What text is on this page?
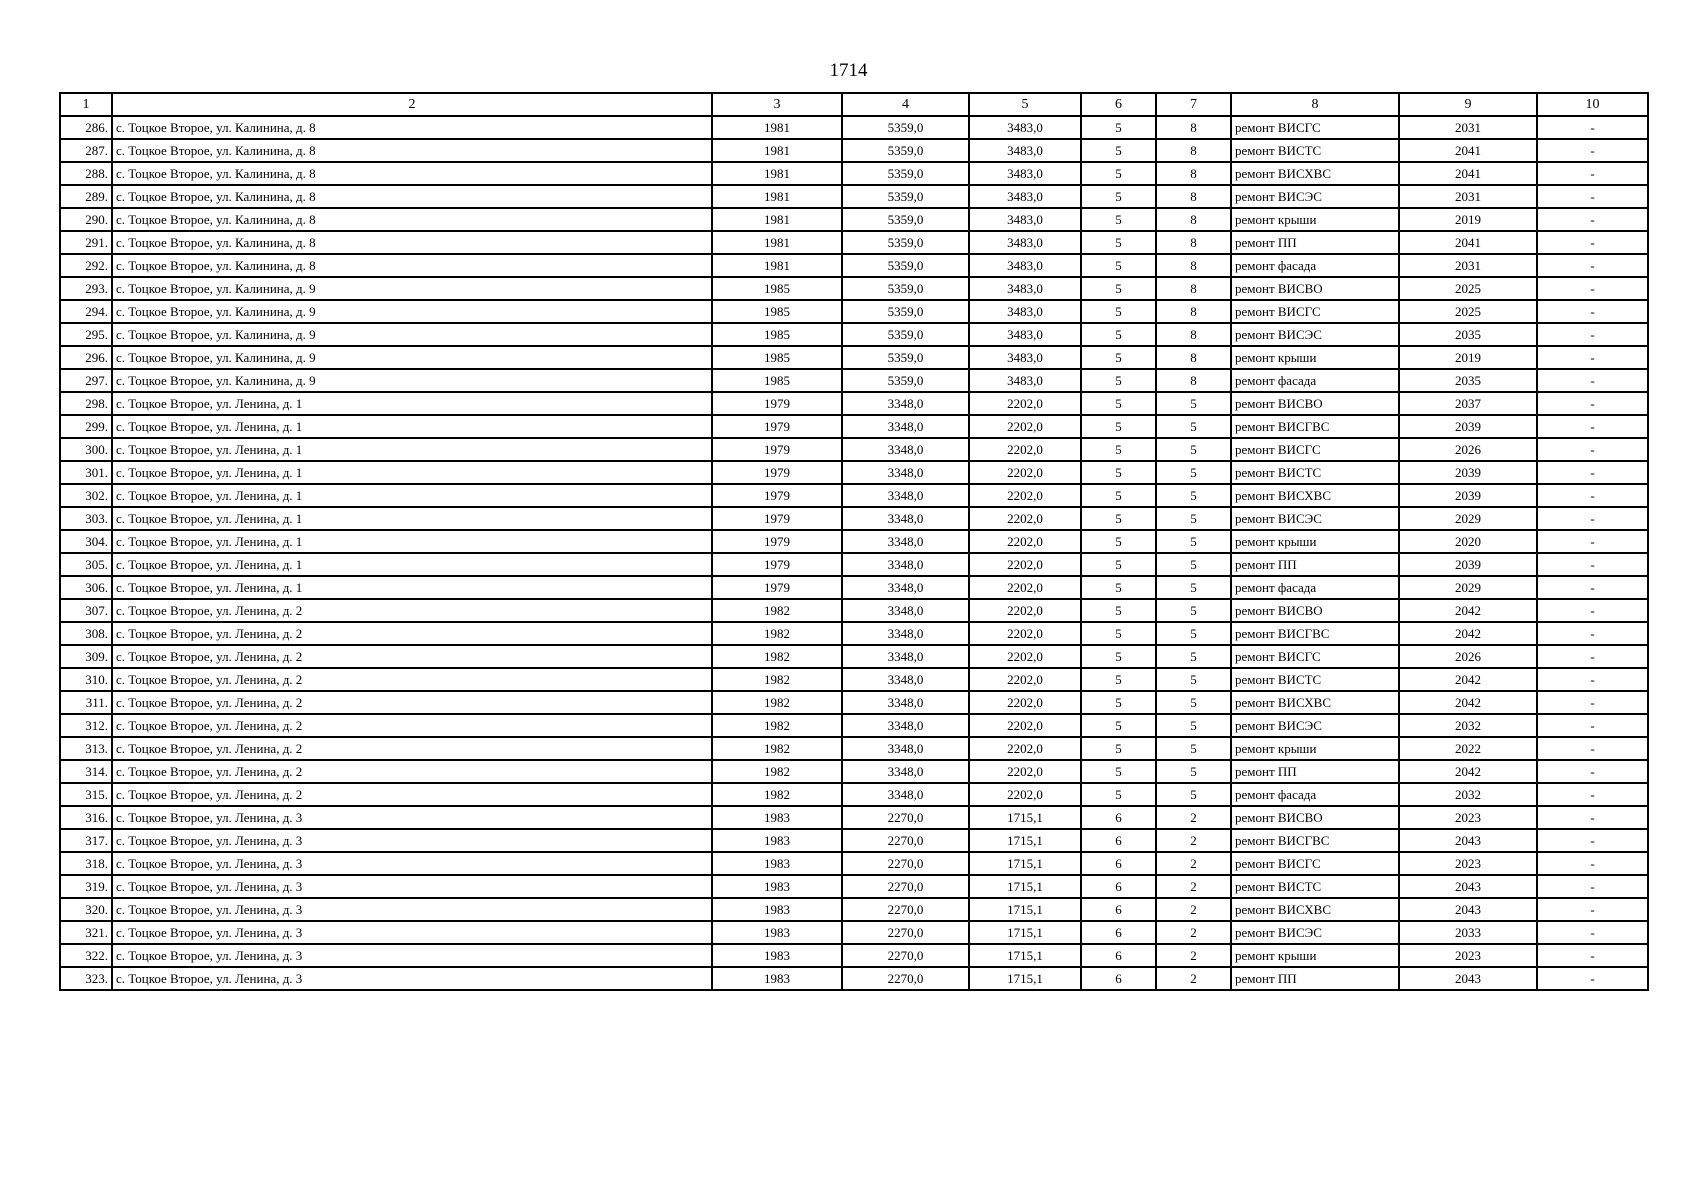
1714
1	2	3	4	5	6	7	8	9	10
286.	с. Тоцкое Второе, ул. Калинина, д. 8	1981	5359,0	3483,0	5	8	ремонт ВИСГС	2031	-
287.	с. Тоцкое Второе, ул. Калинина, д. 8	1981	5359,0	3483,0	5	8	ремонт ВИСТС	2041	-
288.	с. Тоцкое Второе, ул. Калинина, д. 8	1981	5359,0	3483,0	5	8	ремонт ВИСХВС	2041	-
289.	с. Тоцкое Второе, ул. Калинина, д. 8	1981	5359,0	3483,0	5	8	ремонт ВИСЭС	2031	-
290.	с. Тоцкое Второе, ул. Калинина, д. 8	1981	5359,0	3483,0	5	8	ремонт крыши	2019	-
291.	с. Тоцкое Второе, ул. Калинина, д. 8	1981	5359,0	3483,0	5	8	ремонт ПП	2041	-
292.	с. Тоцкое Второе, ул. Калинина, д. 8	1981	5359,0	3483,0	5	8	ремонт фасада	2031	-
293.	с. Тоцкое Второе, ул. Калинина, д. 9	1985	5359,0	3483,0	5	8	ремонт ВИСВО	2025	-
294.	с. Тоцкое Второе, ул. Калинина, д. 9	1985	5359,0	3483,0	5	8	ремонт ВИСГС	2025	-
295.	с. Тоцкое Второе, ул. Калинина, д. 9	1985	5359,0	3483,0	5	8	ремонт ВИСЭС	2035	-
296.	с. Тоцкое Второе, ул. Калинина, д. 9	1985	5359,0	3483,0	5	8	ремонт крыши	2019	-
297.	с. Тоцкое Второе, ул. Калинина, д. 9	1985	5359,0	3483,0	5	8	ремонт фасада	2035	-
298.	с. Тоцкое Второе, ул. Ленина, д. 1	1979	3348,0	2202,0	5	5	ремонт ВИСВО	2037	-
299.	с. Тоцкое Второе, ул. Ленина, д. 1	1979	3348,0	2202,0	5	5	ремонт ВИСГВС	2039	-
300.	с. Тоцкое Второе, ул. Ленина, д. 1	1979	3348,0	2202,0	5	5	ремонт ВИСГС	2026	-
301.	с. Тоцкое Второе, ул. Ленина, д. 1	1979	3348,0	2202,0	5	5	ремонт ВИСТС	2039	-
302.	с. Тоцкое Второе, ул. Ленина, д. 1	1979	3348,0	2202,0	5	5	ремонт ВИСХВС	2039	-
303.	с. Тоцкое Второе, ул. Ленина, д. 1	1979	3348,0	2202,0	5	5	ремонт ВИСЭС	2029	-
304.	с. Тоцкое Второе, ул. Ленина, д. 1	1979	3348,0	2202,0	5	5	ремонт крыши	2020	-
305.	с. Тоцкое Второе, ул. Ленина, д. 1	1979	3348,0	2202,0	5	5	ремонт ПП	2039	-
306.	с. Тоцкое Второе, ул. Ленина, д. 1	1979	3348,0	2202,0	5	5	ремонт фасада	2029	-
307.	с. Тоцкое Второе, ул. Ленина, д. 2	1982	3348,0	2202,0	5	5	ремонт ВИСВО	2042	-
308.	с. Тоцкое Второе, ул. Ленина, д. 2	1982	3348,0	2202,0	5	5	ремонт ВИСГВС	2042	-
309.	с. Тоцкое Второе, ул. Ленина, д. 2	1982	3348,0	2202,0	5	5	ремонт ВИСГС	2026	-
310.	с. Тоцкое Второе, ул. Ленина, д. 2	1982	3348,0	2202,0	5	5	ремонт ВИСТС	2042	-
311.	с. Тоцкое Второе, ул. Ленина, д. 2	1982	3348,0	2202,0	5	5	ремонт ВИСХВС	2042	-
312.	с. Тоцкое Второе, ул. Ленина, д. 2	1982	3348,0	2202,0	5	5	ремонт ВИСЭС	2032	-
313.	с. Тоцкое Второе, ул. Ленина, д. 2	1982	3348,0	2202,0	5	5	ремонт крыши	2022	-
314.	с. Тоцкое Второе, ул. Ленина, д. 2	1982	3348,0	2202,0	5	5	ремонт ПП	2042	-
315.	с. Тоцкое Второе, ул. Ленина, д. 2	1982	3348,0	2202,0	5	5	ремонт фасада	2032	-
316.	с. Тоцкое Второе, ул. Ленина, д. 3	1983	2270,0	1715,1	6	2	ремонт ВИСВО	2023	-
317.	с. Тоцкое Второе, ул. Ленина, д. 3	1983	2270,0	1715,1	6	2	ремонт ВИСГВС	2043	-
318.	с. Тоцкое Второе, ул. Ленина, д. 3	1983	2270,0	1715,1	6	2	ремонт ВИСГС	2023	-
319.	с. Тоцкое Второе, ул. Ленина, д. 3	1983	2270,0	1715,1	6	2	ремонт ВИСТС	2043	-
320.	с. Тоцкое Второе, ул. Ленина, д. 3	1983	2270,0	1715,1	6	2	ремонт ВИСХВС	2043	-
321.	с. Тоцкое Второе, ул. Ленина, д. 3	1983	2270,0	1715,1	6	2	ремонт ВИСЭС	2033	-
322.	с. Тоцкое Второе, ул. Ленина, д. 3	1983	2270,0	1715,1	6	2	ремонт крыши	2023	-
323.	с. Тоцкое Второе, ул. Ленина, д. 3	1983	2270,0	1715,1	6	2	ремонт ПП	2043	-
